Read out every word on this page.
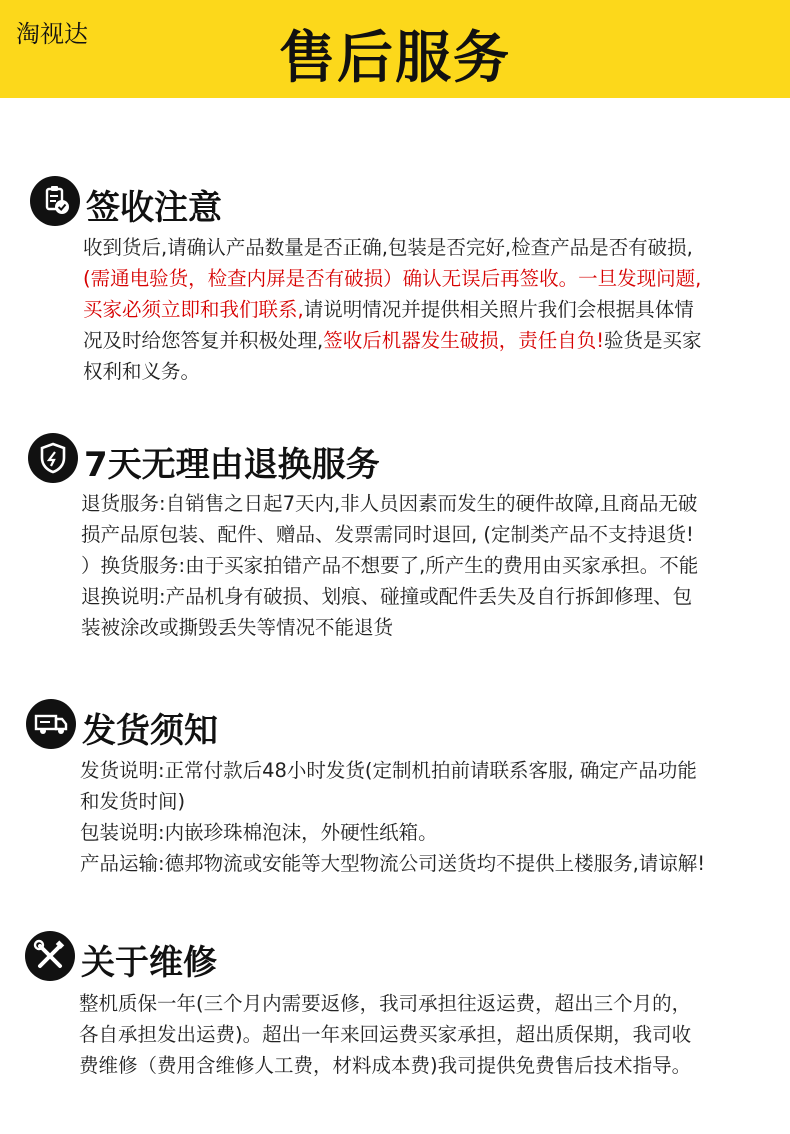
淘视达	售后服务
签收注意
收到货后,请确认产品数量是否正确,包装是否完好,检查产品是否有破损,
(需通电验货，检查内屏是否有破损）确认无误后再签收。一旦发现问题,
买家必须立即和我们联系,请说明情况并提供相关照片我们会根据具体情
况及时给您答复并积极处理,签收后机器发生破损，责任自负!验货是买家
权利和义务。
7天无理由退换服务
退货服务:自销售之日起7天内,非人员因素而发生的硬件故障,且商品无破
损产品原包装、配件、赠品、发票需同时退回, (定制类产品不支持退货!
）换货服务:由于买家拍错产品不想要了,所产生的费用由买家承担。不能
退换说明:产品机身有破损、划痕、碰撞或配件丢失及自行拆卸修理、包
装被涂改或撕毁丢失等情况不能退货
发货须知
发货说明:正常付款后48小时发货(定制机拍前请联系客服, 确定产品功能
和发货时间)
包装说明:内嵌珍珠棉泡沫，外硬性纸箱。
产品运输:德邦物流或安能等大型物流公司送货均不提供上楼服务,请谅解!
关于维修
整机质保一年(三个月内需要返修，我司承担往返运费，超出三个月的，
各自承担发出运费)。超出一年来回运费买家承担，超出质保期，我司收
费维修（费用含维修人工费，材料成本费)我司提供免费售后技术指导。
